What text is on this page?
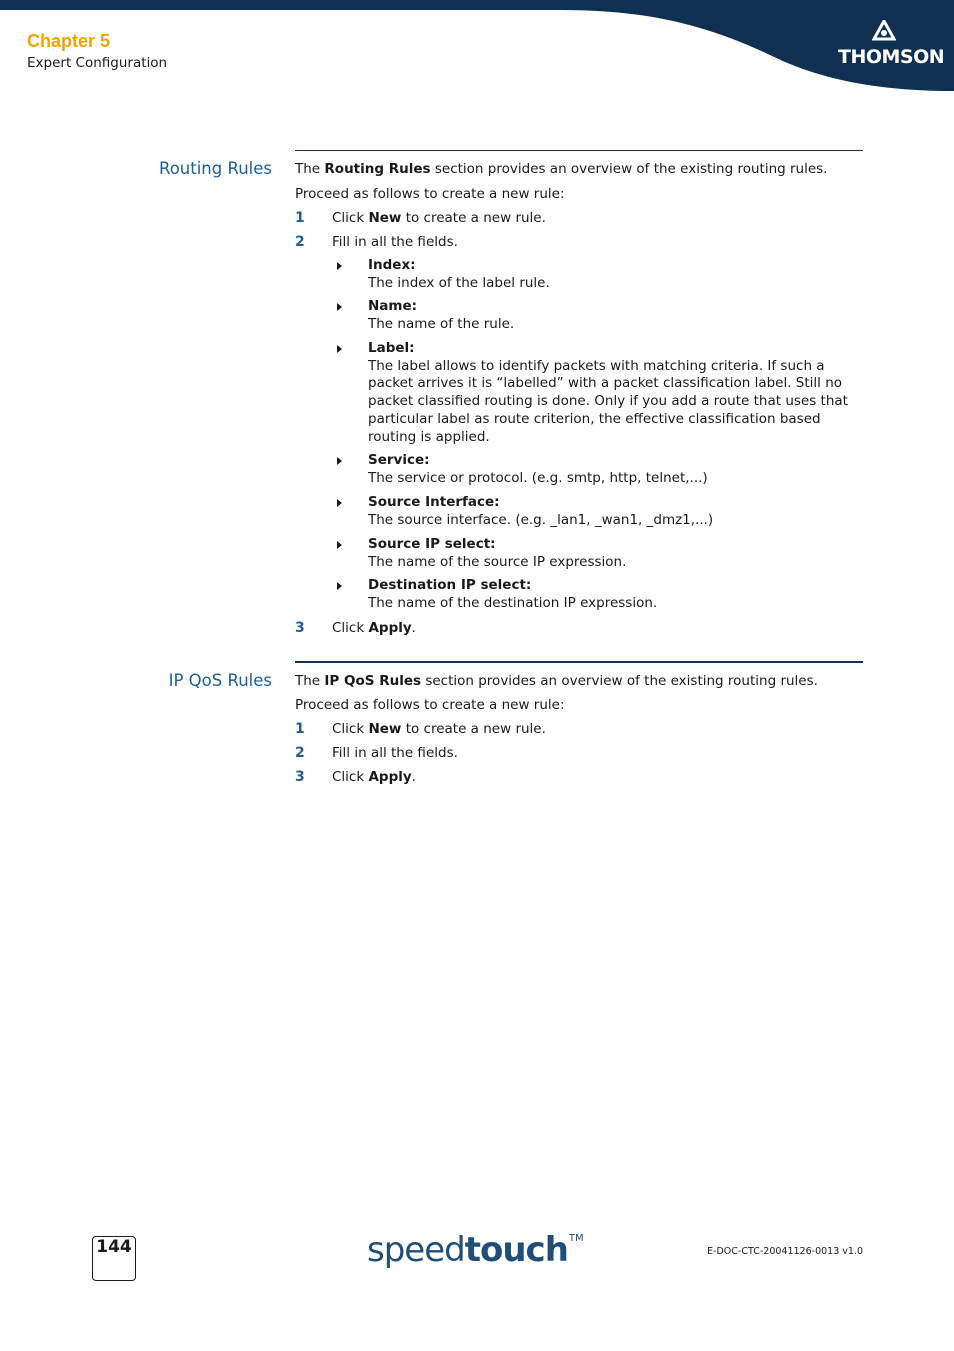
Chapter 5
Expert Configuration	THOMSON
Routing Rules The Routing Rules section provides an overview of the existing routing rules.

Proceed as follows to create a new rule:

1 Click New to create a new rule.
2 Fill in all the fields.
Index:

The index of the label rule.

Name:

The name of the rule.

Label:

The label allows to identify packets with matching criteria. If such a packet arrives it is “labelled” with a packet classification label. Still no packet classified routing is done. Only if you add a route that uses that particular label as route criterion, the effective classification based routing is applied.

Service:

The service or protocol. (e.g. smtp, http, telnet,...)

Source Interface:

The source interface. (e.g. _lan1, _wan1, _dmz1,...)

Source IP select:

The name of the source IP expression.

Destination IP select:

The name of the destination IP expression.

3 Click Apply.
IP QoS Rules The IP QoS Rules section provides an overview of the existing routing rules.

Proceed as follows to create a new rule:

1 Click New to create a new rule.
2 Fill in all the fields.
3 Click Apply.
144	speedtouch™
E-DOC-CTC-20041126-0013 v1.0
